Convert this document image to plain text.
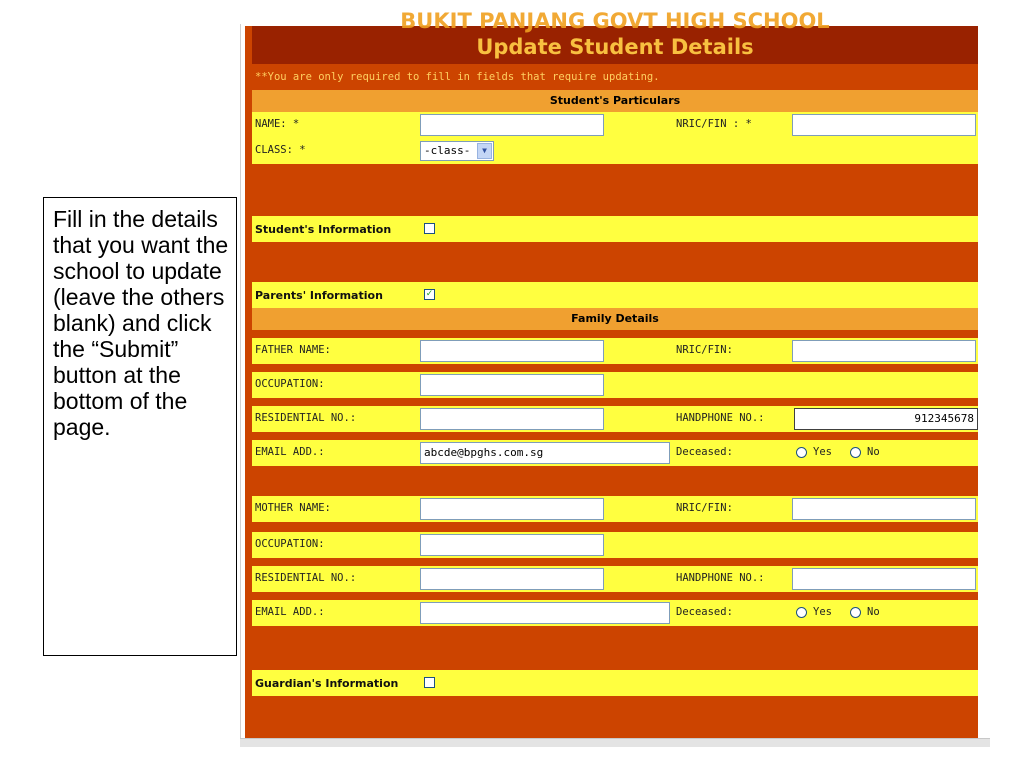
Fill in the details that you want the school to update (leave the others blank) and click the “Submit” button at the bottom of the page.
BUKIT PANJANG GOVT HIGH SCHOOL
Update Student Details
**You are only required to fill in fields that require updating.
Student's Particulars
NAME: *	NRIC/FIN : *
CLASS: *	-class-	▼
Student's Information
Parents' Information	✓
Family Details
FATHER NAME:	NRIC/FIN:
OCCUPATION:
RESIDENTIAL NO.:	HANDPHONE NO.:	912345678
EMAIL ADD.:	abcde@bpghs.com.sg	Deceased:	Yes	No
MOTHER NAME:	NRIC/FIN:
OCCUPATION:
RESIDENTIAL NO.:	HANDPHONE NO.:
EMAIL ADD.:	Deceased:	Yes	No
Guardian's Information
